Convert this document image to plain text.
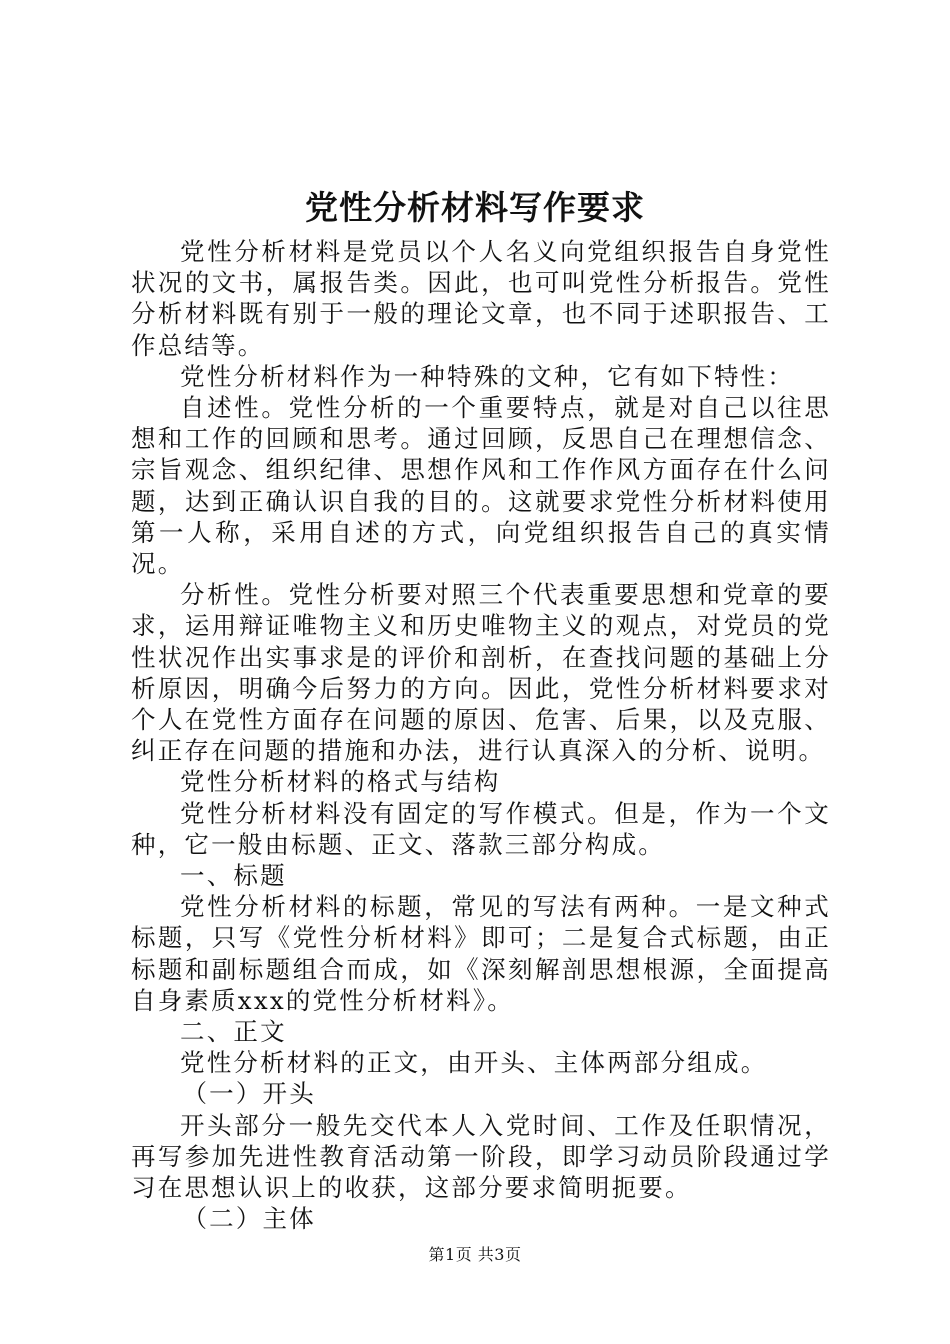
党性分析材料写作要求

党性分析材料是党员以个人名义向党组织报告自身党性状况的文书，属报告类。因此，也可叫党性分析报告。党性分析材料既有别于一般的理论文章，也不同于述职报告、工作总结等。

党性分析材料作为一种特殊的文种，它有如下特性：

自述性。党性分析的一个重要特点，就是对自己以往思想和工作的回顾和思考。通过回顾，反思自己在理想信念、宗旨观念、组织纪律、思想作风和工作作风方面存在什么问题，达到正确认识自我的目的。这就要求党性分析材料使用第一人称，采用自述的方式，向党组织报告自己的真实情况。

分析性。党性分析要对照三个代表重要思想和党章的要求，运用辩证唯物主义和历史唯物主义的观点，对党员的党性状况作出实事求是的评价和剖析，在查找问题的基础上分析原因，明确今后努力的方向。因此，党性分析材料要求对个人在党性方面存在问题的原因、危害、后果，以及克服、纠正存在问题的措施和办法，进行认真深入的分析、说明。

党性分析材料的格式与结构

党性分析材料没有固定的写作模式。但是，作为一个文种，它一般由标题、正文、落款三部分构成。

一、标题

党性分析材料的标题，常见的写法有两种。一是文种式标题，只写《党性分析材料》即可；二是复合式标题，由正标题和副标题组合而成，如《深刻解剖思想根源，全面提高自身素质xxx的党性分析材料》。

二、正文

党性分析材料的正文，由开头、主体两部分组成。

（一）开头

开头部分一般先交代本人入党时间、工作及任职情况，再写参加先进性教育活动第一阶段，即学习动员阶段通过学习在思想认识上的收获，这部分要求简明扼要。

（二）主体

第1页 共3页
